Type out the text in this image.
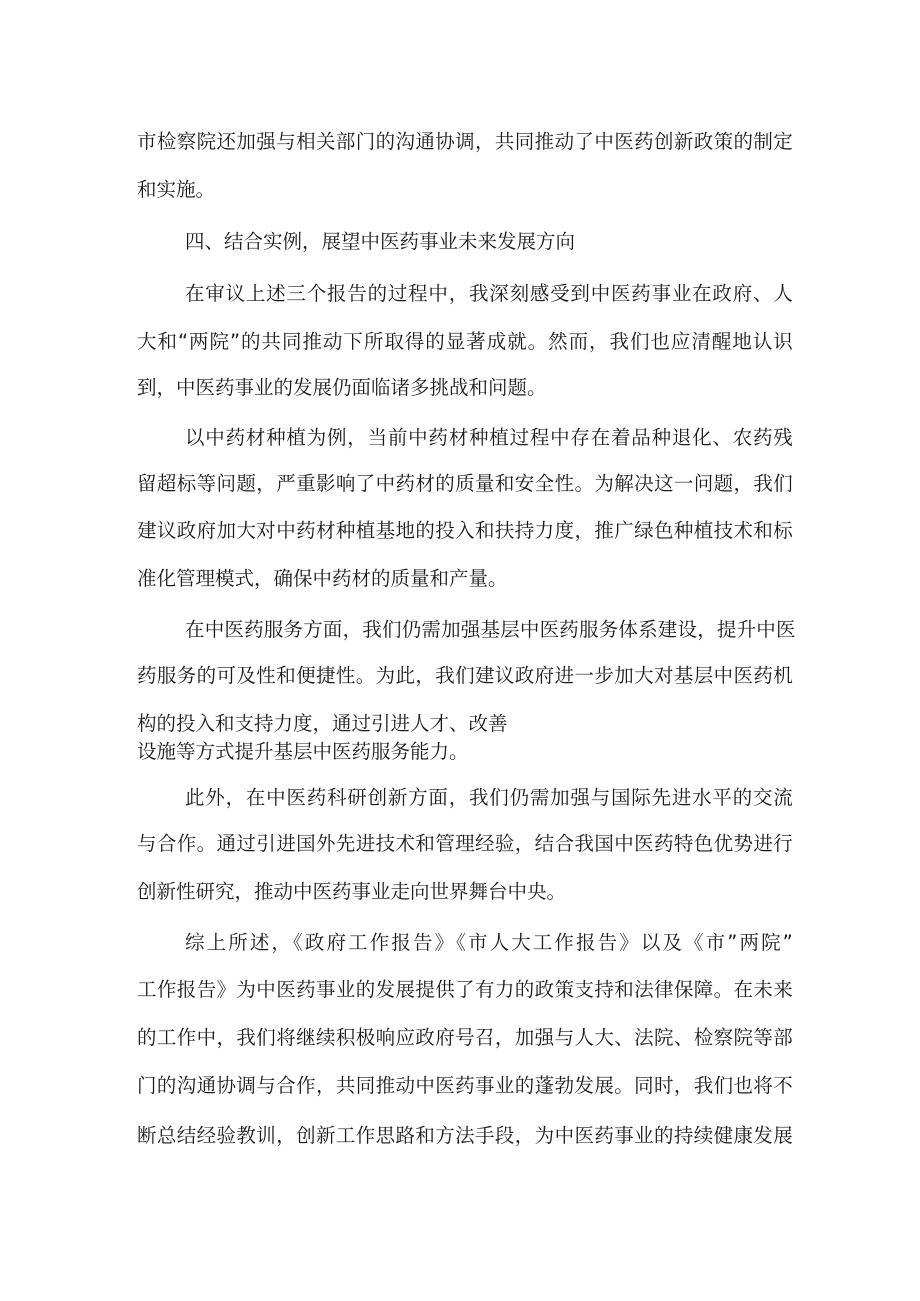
市检察院还加强与相关部门的沟通协调，共同推动了中医药创新政策的制定
和实施。
四、结合实例，展望中医药事业未来发展方向
在审议上述三个报告的过程中，我深刻感受到中医药事业在政府、人
大和“两院”的共同推动下所取得的显著成就。然而，我们也应清醒地认识
到，中医药事业的发展仍面临诸多挑战和问题。
以中药材种植为例，当前中药材种植过程中存在着品种退化、农药残
留超标等问题，严重影响了中药材的质量和安全性。为解决这一问题，我们
建议政府加大对中药材种植基地的投入和扶持力度，推广绿色种植技术和标
准化管理模式，确保中药材的质量和产量。
在中医药服务方面，我们仍需加强基层中医药服务体系建设，提升中医
药服务的可及性和便捷性。为此，我们建议政府进一步加大对基层中医药机
构的投入和支持力度，通过引进人才、改善
设施等方式提升基层中医药服务能力。
此外，在中医药科研创新方面，我们仍需加强与国际先进水平的交流
与合作。通过引进国外先进技术和管理经验，结合我国中医药特色优势进行
创新性研究，推动中医药事业走向世界舞台中央。
综上所述，《政府工作报告》《市人大工作报告》以及《市”两院”
工作报告》为中医药事业的发展提供了有力的政策支持和法律保障。在未来
的工作中，我们将继续积极响应政府号召，加强与人大、法院、检察院等部
门的沟通协调与合作，共同推动中医药事业的蓬勃发展。同时，我们也将不
断总结经验教训，创新工作思路和方法手段，为中医药事业的持续健康发展
